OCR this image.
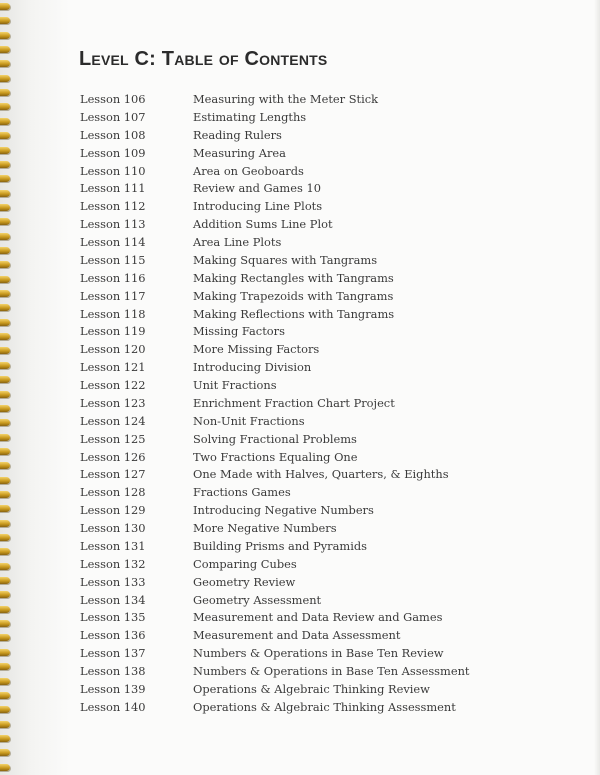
Level C: Table of Contents
Lesson 106	Measuring with the Meter Stick
Lesson 107	Estimating Lengths
Lesson 108	Reading Rulers
Lesson 109	Measuring Area
Lesson 110	Area on Geoboards
Lesson 111	Review and Games 10
Lesson 112	Introducing Line Plots
Lesson 113	Addition Sums Line Plot
Lesson 114	Area Line Plots
Lesson 115	Making Squares with Tangrams
Lesson 116	Making Rectangles with Tangrams
Lesson 117	Making Trapezoids with Tangrams
Lesson 118	Making Reflections with Tangrams
Lesson 119	Missing Factors
Lesson 120	More Missing Factors
Lesson 121	Introducing Division
Lesson 122	Unit Fractions
Lesson 123	Enrichment Fraction Chart Project
Lesson 124	Non-Unit Fractions
Lesson 125	Solving Fractional Problems
Lesson 126	Two Fractions Equaling One
Lesson 127	One Made with Halves, Quarters, & Eighths
Lesson 128	Fractions Games
Lesson 129	Introducing Negative Numbers
Lesson 130	More Negative Numbers
Lesson 131	Building Prisms and Pyramids
Lesson 132	Comparing Cubes
Lesson 133	Geometry Review
Lesson 134	Geometry Assessment
Lesson 135	Measurement and Data Review and Games
Lesson 136	Measurement and Data Assessment
Lesson 137	Numbers & Operations in Base Ten Review
Lesson 138	Numbers & Operations in Base Ten Assessment
Lesson 139	Operations & Algebraic Thinking Review
Lesson 140	Operations & Algebraic Thinking Assessment
